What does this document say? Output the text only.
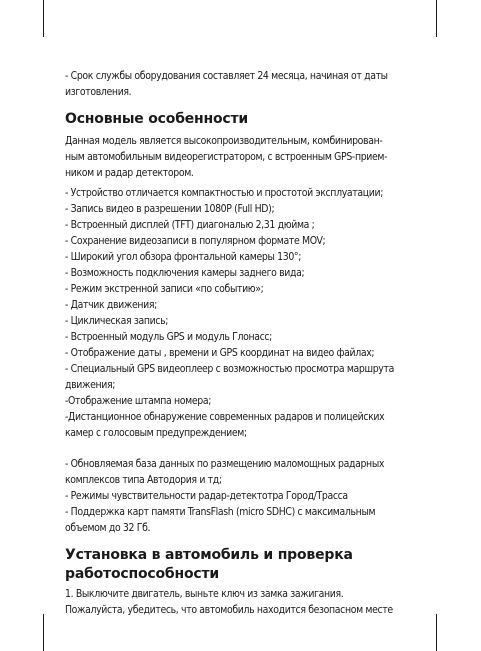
- Срок службы оборудования составляет 24 месяца, начиная от даты

изготовления.

Основные особенности

Данная модель является высокопроизводительным, комбинирован-

ным автомобильным видеорегистратором, с встроенным GPS-прием-

ником и радар детектором.

- Устройство отличается компактностью и простотой эксплуатации;

- Запись видео в разрешении 1080P (Full HD);

- Встроенный дисплей (TFT) диагональю 2,31 дюйма ;

- Сохранение видеозаписи в популярном формате MOV;

- Широкий угол обзора фронтальной камеры 130°;

- Возможность подключения камеры заднего вида;

- Режим экстренной записи «по событию»;

- Датчик движения;

- Циклическая запись;

- Встроенный модуль GPS и модуль Глонасс;

- Отображение даты , времени и GPS координат на видео файлах;

- Специальный GPS видеоплеер с возможностью просмотра маршрута

движения;

-Отображение штампа номера;

-Дистанционное обнаружение современных радаров и полицейских

камер с голосовым предупреждением;

- Обновляемая база данных по размещению маломощных радарных

комплексов типа Автодория и тд;

- Режимы чувствительности радар-детектотра Город/Трасса

- Поддержка карт памяти TransFlash (micro SDHC) с максимальным

объемом до 32 Гб.

Установка в автомобиль и проверка

работоспособности

1. Выключите двигатель, выньте ключ из замка зажигания.

Пожалуйста, убедитесь, что автомобиль находится безопасном месте
